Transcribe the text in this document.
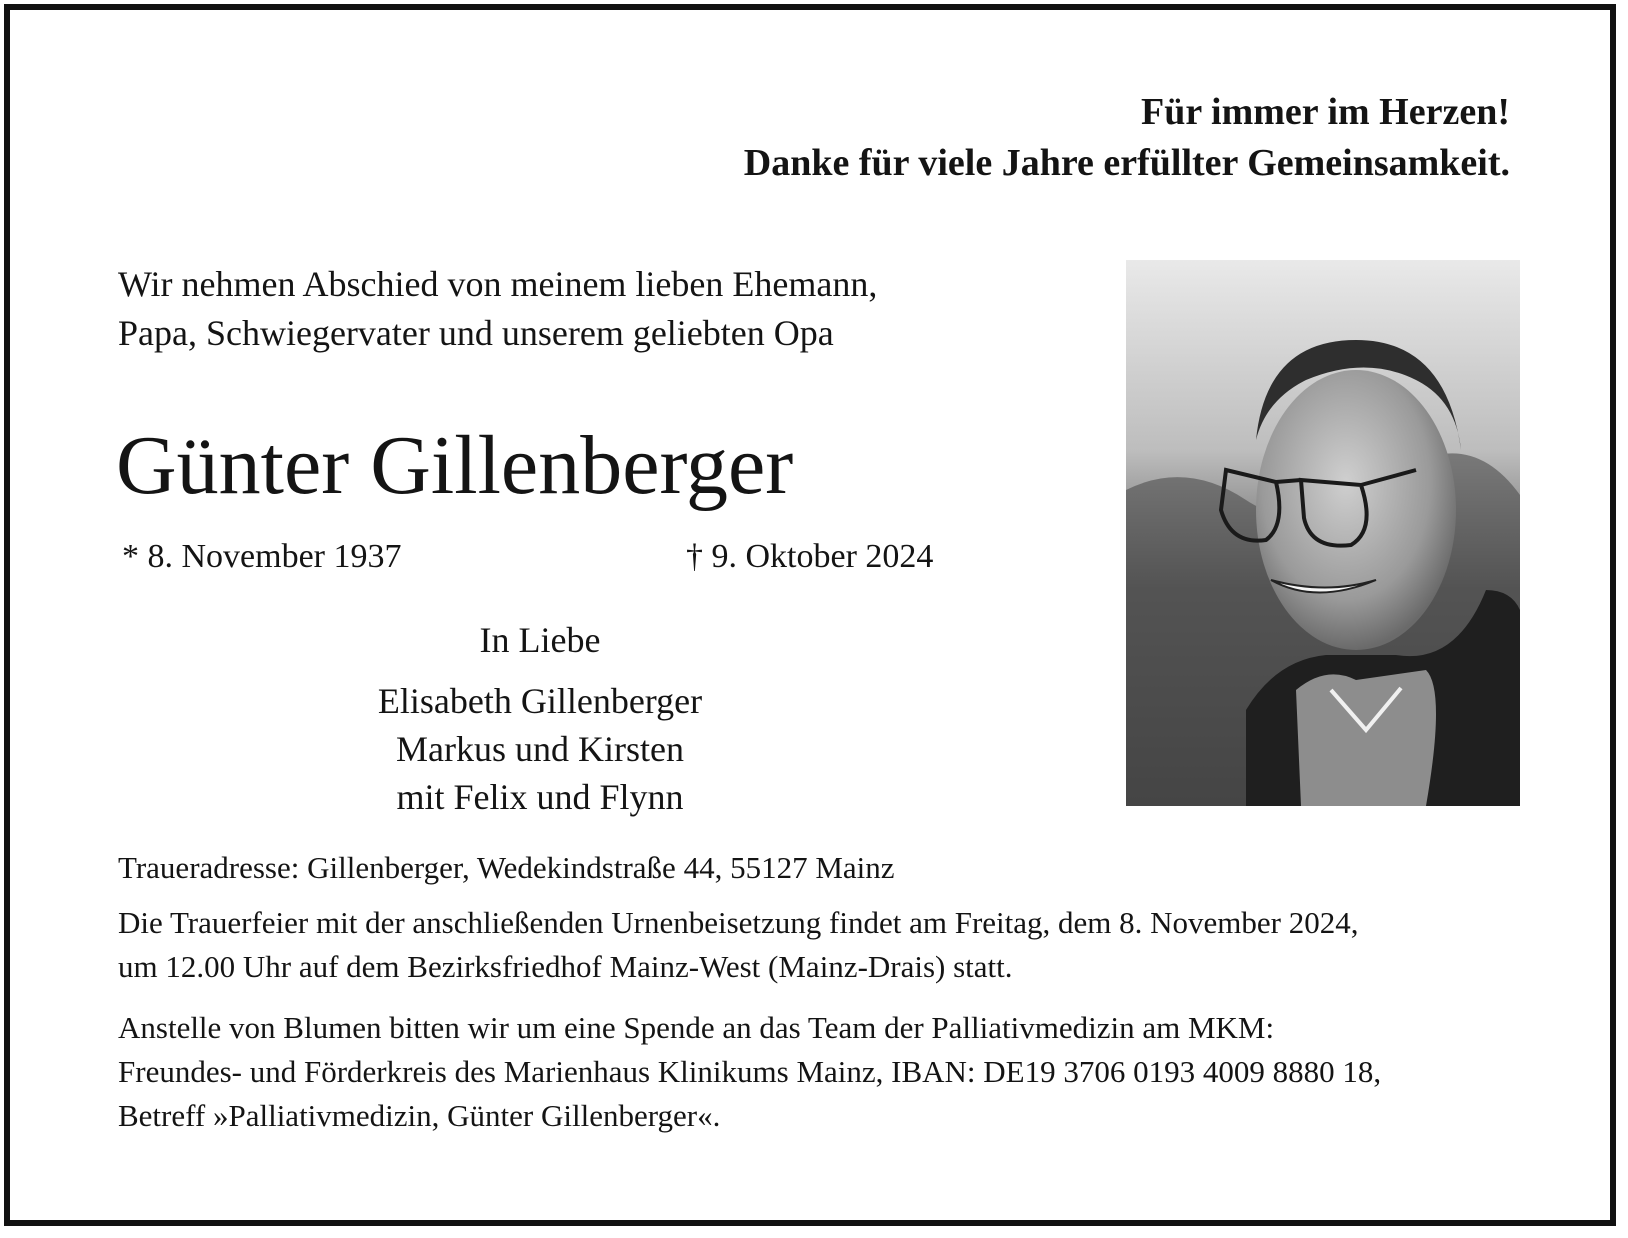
Für immer im Herzen!
Danke für viele Jahre erfüllter Gemeinsamkeit.
Wir nehmen Abschied von meinem lieben Ehemann,
Papa, Schwiegervater und unserem geliebten Opa
Günter Gillenberger
* 8. November 1937	† 9. Oktober 2024
In Liebe
Elisabeth Gillenberger
Markus und Kirsten
mit Felix und Flynn
Traueradresse: Gillenberger, Wedekindstraße 44, 55127 Mainz
Die Trauerfeier mit der anschließenden Urnenbeisetzung findet am Freitag, dem 8. November 2024,
um 12.00 Uhr auf dem Bezirksfriedhof Mainz-West (Mainz-Drais) statt.
Anstelle von Blumen bitten wir um eine Spende an das Team der Palliativmedizin am MKM:
Freundes- und Förderkreis des Marienhaus Klinikums Mainz, IBAN: DE19 3706 0193 4009 8880 18,
Betreff »Palliativmedizin, Günter Gillenberger«.
